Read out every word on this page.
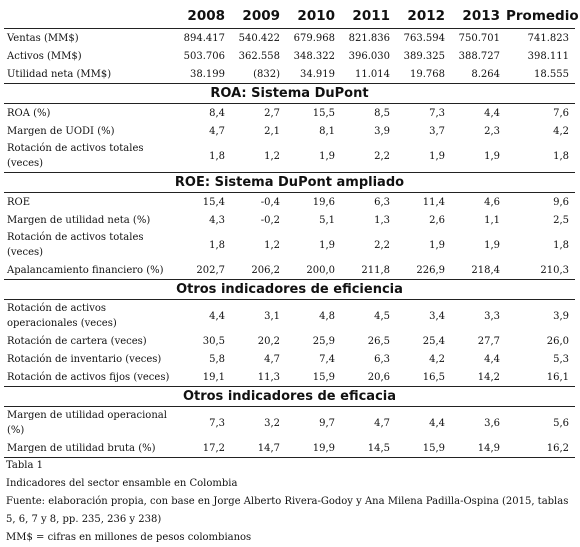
	2008	2009	2010	2011	2012	2013	Promedio
Ventas (MM$)	894.417	540.422	679.968	821.836	763.594	750.701	741.823
Activos (MM$)	503.706	362.558	348.322	396.030	389.325	388.727	398.111
Utilidad neta (MM$)	38.199	(832)	34.919	11.014	19.768	8.264	18.555
ROA: Sistema DuPont							
ROA (%)	8,4	2,7	15,5	8,5	7,3	4,4	7,6
Margen de UODI (%)	4,7	2,1	8,1	3,9	3,7	2,3	4,2
Rotación de activos totales (veces)	1,8	1,2	1,9	2,2	1,9	1,9	1,8
ROE: Sistema DuPont ampliado							
ROE	15,4	-0,4	19,6	6,3	11,4	4,6	9,6
Margen de utilidad neta (%)	4,3	-0,2	5,1	1,3	2,6	1,1	2,5
Rotación de activos totales (veces)	1,8	1,2	1,9	2,2	1,9	1,9	1,8
Apalancamiento financiero (%)	202,7	206,2	200,0	211,8	226,9	218,4	210,3
Otros indicadores de eficiencia							
Rotación de activos operacionales (veces)	4,4	3,1	4,8	4,5	3,4	3,3	3,9
Rotación de cartera (veces)	30,5	20,2	25,9	26,5	25,4	27,7	26,0
Rotación de inventario (veces)	5,8	4,7	7,4	6,3	4,2	4,4	5,3
Rotación de activos fijos (veces)	19,1	11,3	15,9	20,6	16,5	14,2	16,1
Otros indicadores de eficacia							
Margen de utilidad operacional (%)	7,3	3,2	9,7	4,7	4,4	3,6	5,6
Margen de utilidad bruta (%)	17,2	14,7	19,9	14,5	15,9	14,9	16,2
Tabla 1
Indicadores del sector ensamble en Colombia
Fuente: elaboración propia, con base en Jorge Alberto Rivera-Godoy y Ana Milena Padilla-Ospina (2015, tablas 5, 6, 7 y 8, pp. 235, 236 y 238)
MM$ = cifras en millones de pesos colombianos
